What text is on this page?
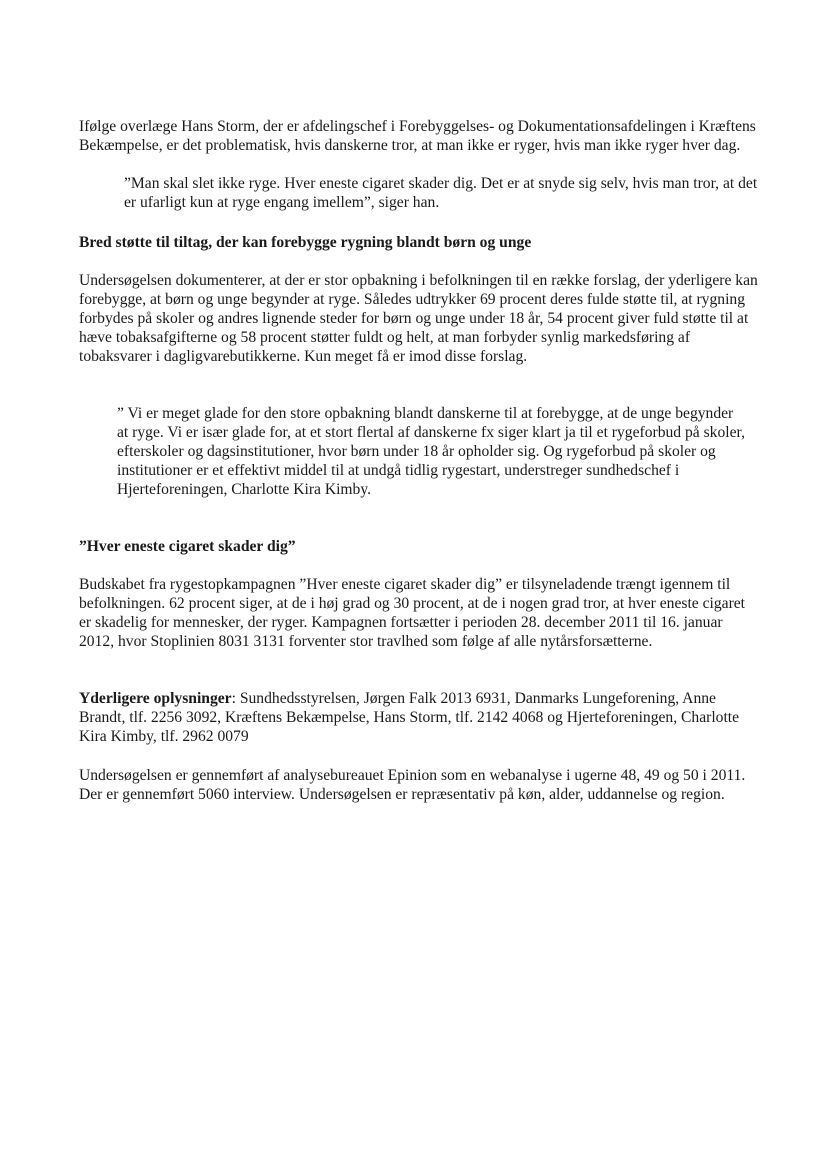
Ifølge overlæge Hans Storm, der er afdelingschef i Forebyggelses- og Dokumentationsafdelingen i Kræftens Bekæmpelse, er det problematisk, hvis danskerne tror, at man ikke er ryger, hvis man ikke ryger hver dag.

”Man skal slet ikke ryge. Hver eneste cigaret skader dig. Det er at snyde sig selv, hvis man tror, at det er ufarligt kun at ryge engang imellem”, siger han.

Bred støtte til tiltag, der kan forebygge rygning blandt børn og unge

Undersøgelsen dokumenterer, at der er stor opbakning i befolkningen til en række forslag, der yderligere kan forebygge, at børn og unge begynder at ryge. Således udtrykker 69 procent deres fulde støtte til, at rygning forbydes på skoler og andres lignende steder for børn og unge under 18 år, 54 procent giver fuld støtte til at hæve tobaksafgifterne og 58 procent støtter fuldt og helt, at man forbyder synlig markedsføring af tobaksvarer i dagligvarebutikkerne. Kun meget få er imod disse forslag.

” Vi er meget glade for den store opbakning blandt danskerne til at forebygge, at de unge begynder at ryge. Vi er især glade for, at et stort flertal af danskerne fx siger klart ja til et rygeforbud på skoler, efterskoler og dagsinstitutioner, hvor børn under 18 år opholder sig. Og rygeforbud på skoler og institutioner er et effektivt middel til at undgå tidlig rygestart, understreger sundhedschef i Hjerteforeningen, Charlotte Kira Kimby.

”Hver eneste cigaret skader dig”

Budskabet fra rygestopkampagnen ”Hver eneste cigaret skader dig” er tilsyneladende trængt igennem til befolkningen. 62 procent siger, at de i høj grad og 30 procent, at de i nogen grad tror, at hver eneste cigaret er skadelig for mennesker, der ryger. Kampagnen fortsætter i perioden 28. december 2011 til 16. januar 2012, hvor Stoplinien 8031 3131 forventer stor travlhed som følge af alle nytårsforsætterne.

Yderligere oplysninger: Sundhedsstyrelsen, Jørgen Falk 2013 6931, Danmarks Lungeforening, Anne Brandt, tlf. 2256 3092, Kræftens Bekæmpelse, Hans Storm, tlf. 2142 4068 og Hjerteforeningen, Charlotte Kira Kimby, tlf. 2962 0079

Undersøgelsen er gennemført af analysebureauet Epinion som en webanalyse i ugerne 48, 49 og 50 i 2011. Der er gennemført 5060 interview. Undersøgelsen er repræsentativ på køn, alder, uddannelse og region.
